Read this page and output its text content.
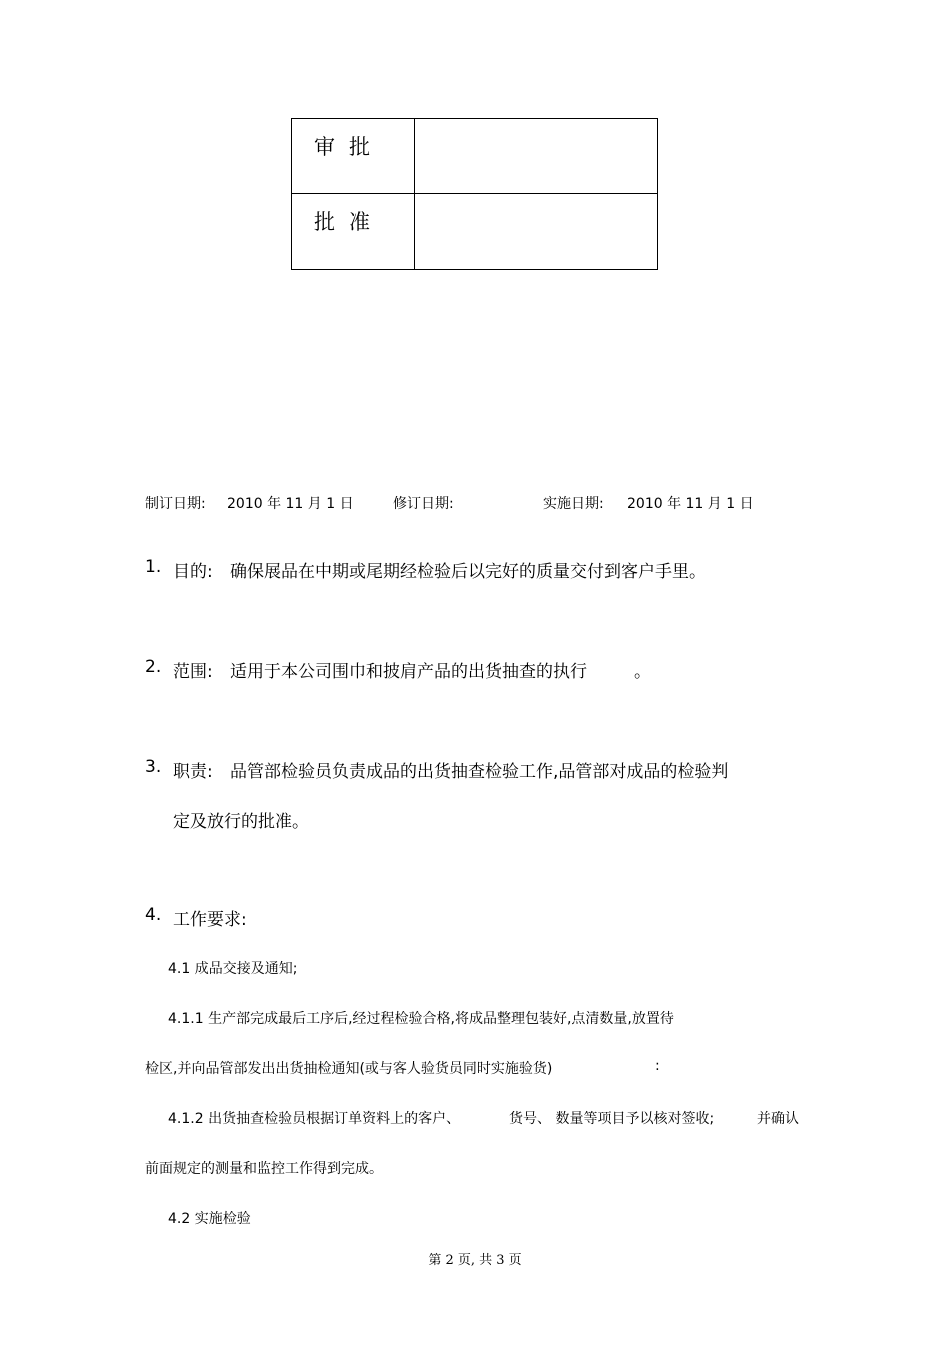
审批	

批准	

制订日期: 2010 年 11 月 1 日	修订日期:	实施日期: 2010 年 11 月 1 日
1. 目的: 确保展品在中期或尾期经检验后以完好的质量交付到客户手里。
2. 范围: 适用于本公司围巾和披肩产品的出货抽查的执行	。
3. 职责: 品管部检验员负责成品的出货抽查检验工作,品管部对成品的检验判
定及放行的批准。
4. 工作要求:
4.1 成品交接及通知;
4.1.1 生产部完成最后工序后,经过程检验合格,将成品整理包装好,点清数量,放置待
检区,并向品管部发出出货抽检通知(或与客人验货员同时实施验货)	:
4.1.2 出货抽查检验员根据订单资料上的客户、	货号、 数量等项目予以核对签收;	并确认
前面规定的测量和监控工作得到完成。
4.2 实施检验
第 2 页, 共 3 页
